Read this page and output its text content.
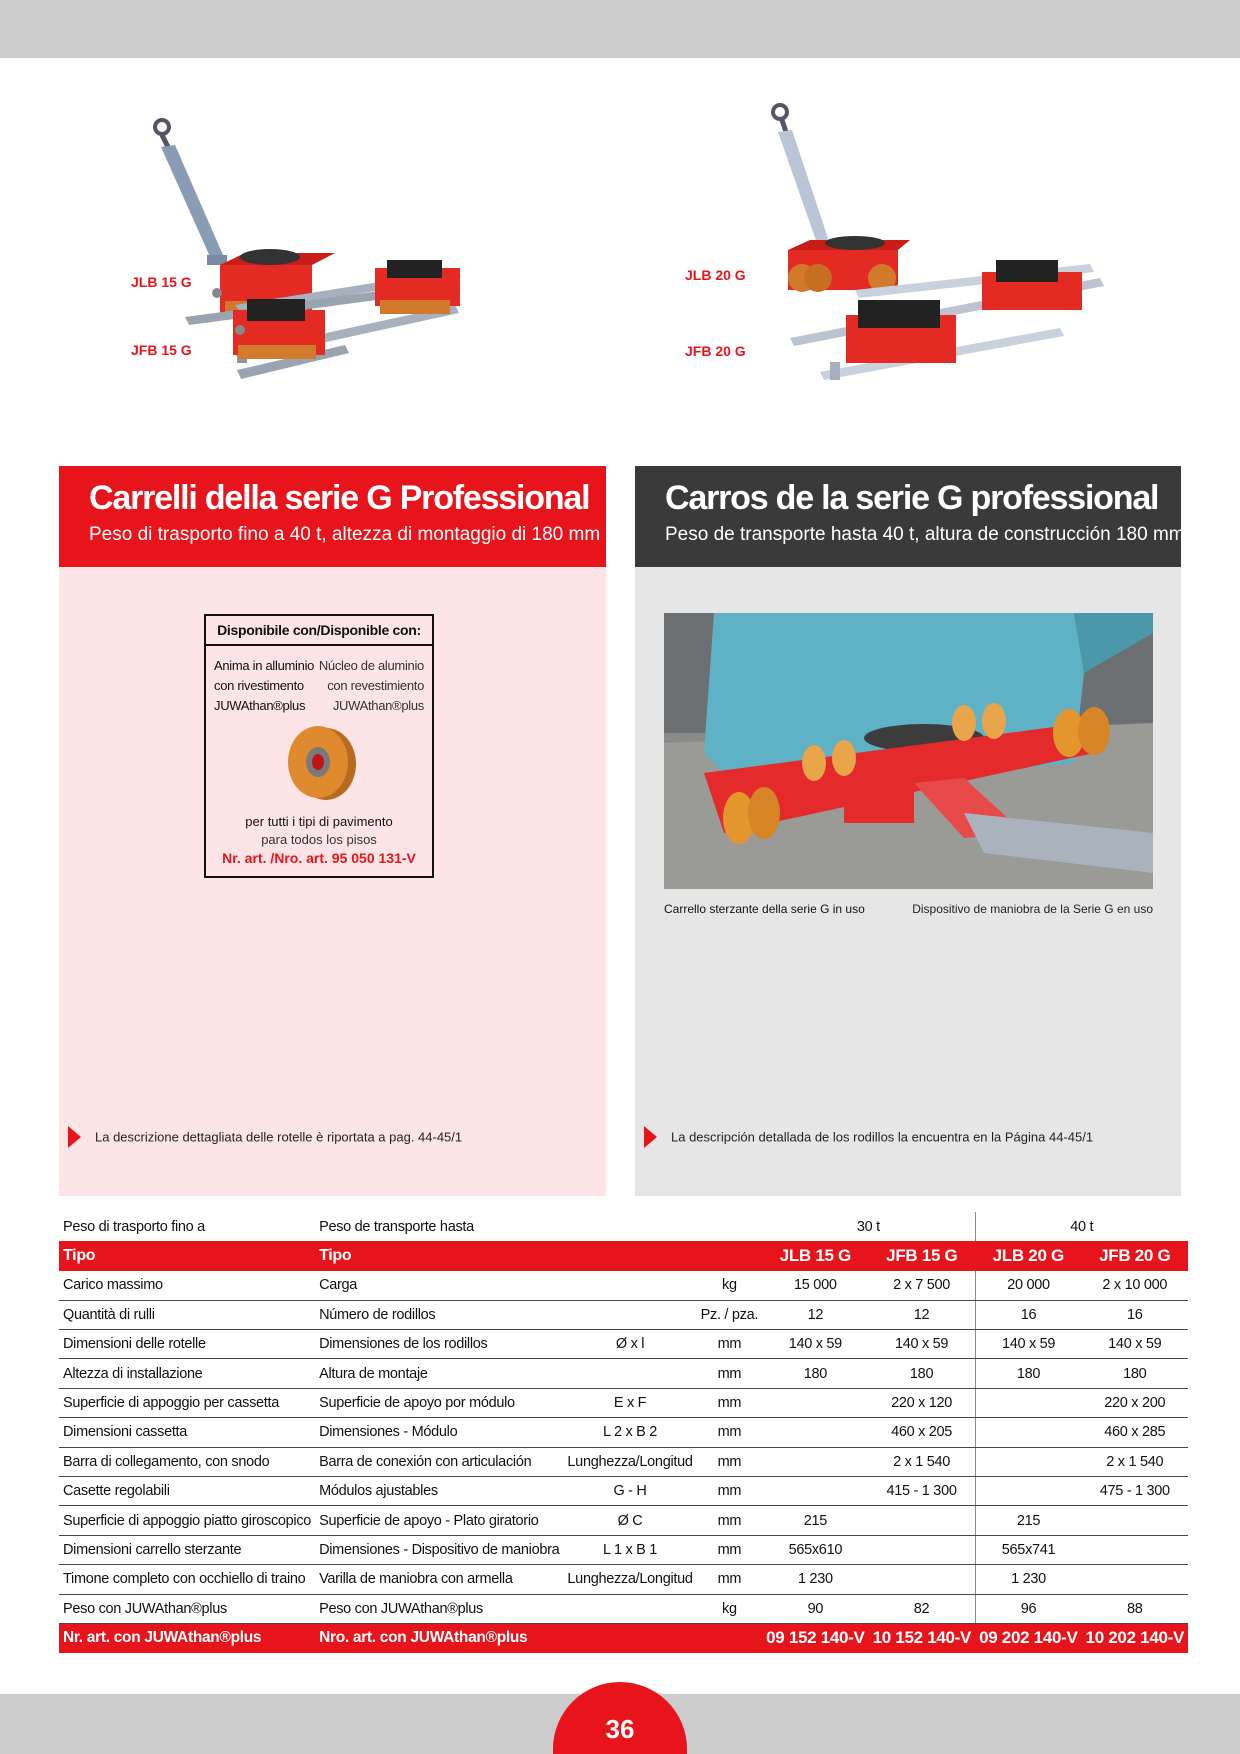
JLB 15 G
JFB 15 G
JLB 20 G
JFB 20 G
Carrelli della serie G Professional
Peso di trasporto fino a 40 t, altezza di montaggio di 180 mm
Disponibile con/Disponible con:
Anima in alluminio
con rivestimento
JUWAthan®plus
Núcleo de aluminio
con revestimiento
JUWAthan®plus
per tutti i tipi di pavimento
para todos los pisos
Nr. art. /Nro. art. 95 050 131-V
La descrizione dettagliata delle rotelle è riportata a pag. 44-45/1
Carros de la serie G professional
Peso de transporte hasta 40 t, altura de construcción 180 mm
Carrello sterzante della serie G in uso	Dispositivo de maniobra de la Serie G en uso
La descripción detallada de los rodillos la encuentra en la Página 44-45/1
Peso di trasporto fino a	Peso de transporte hasta			30 t		40 t	
Tipo	Tipo			JLB 15 G	JFB 15 G	JLB 20 G	JFB 20 G
Carico massimo	Carga		kg	15 000	2 x 7 500	20 000	2 x 10 000
Quantità di rulli	Número de rodillos		Pz. / pza.	12	12	16	16
Dimensioni delle rotelle	Dimensiones de los rodillos	Ø x l	mm	140 x 59	140 x 59	140 x 59	140 x 59
Altezza di installazione	Altura de montaje		mm	180	180	180	180
Superficie di appoggio per cassetta	Superficie de apoyo por módulo	E x F	mm		220 x 120		220 x 200
Dimensioni cassetta	Dimensiones - Módulo	L 2 x B 2	mm		460 x 205		460 x 285
Barra di collegamento, con snodo	Barra de conexión con articulación	Lunghezza/Longitud	mm		2 x 1 540		2 x 1 540
Casette regolabili	Módulos ajustables	G - H	mm		415 - 1 300		475 - 1 300
Superficie di appoggio piatto giroscopico	Superficie de apoyo - Plato giratorio	Ø C	mm	215		215	
Dimensioni carrello sterzante	Dimensiones - Dispositivo de maniobra	L 1 x B 1	mm	565x610		565x741	
Timone completo con occhiello di traino	Varilla de maniobra con armella	Lunghezza/Longitud	mm	1 230		1 230	
Peso con JUWAthan®plus	Peso con JUWAthan®plus		kg	90	82	96	88
Nr. art. con JUWAthan®plus	Nro. art. con JUWAthan®plus			09 152 140-V	10 152 140-V	09 202 140-V	10 202 140-V
36
